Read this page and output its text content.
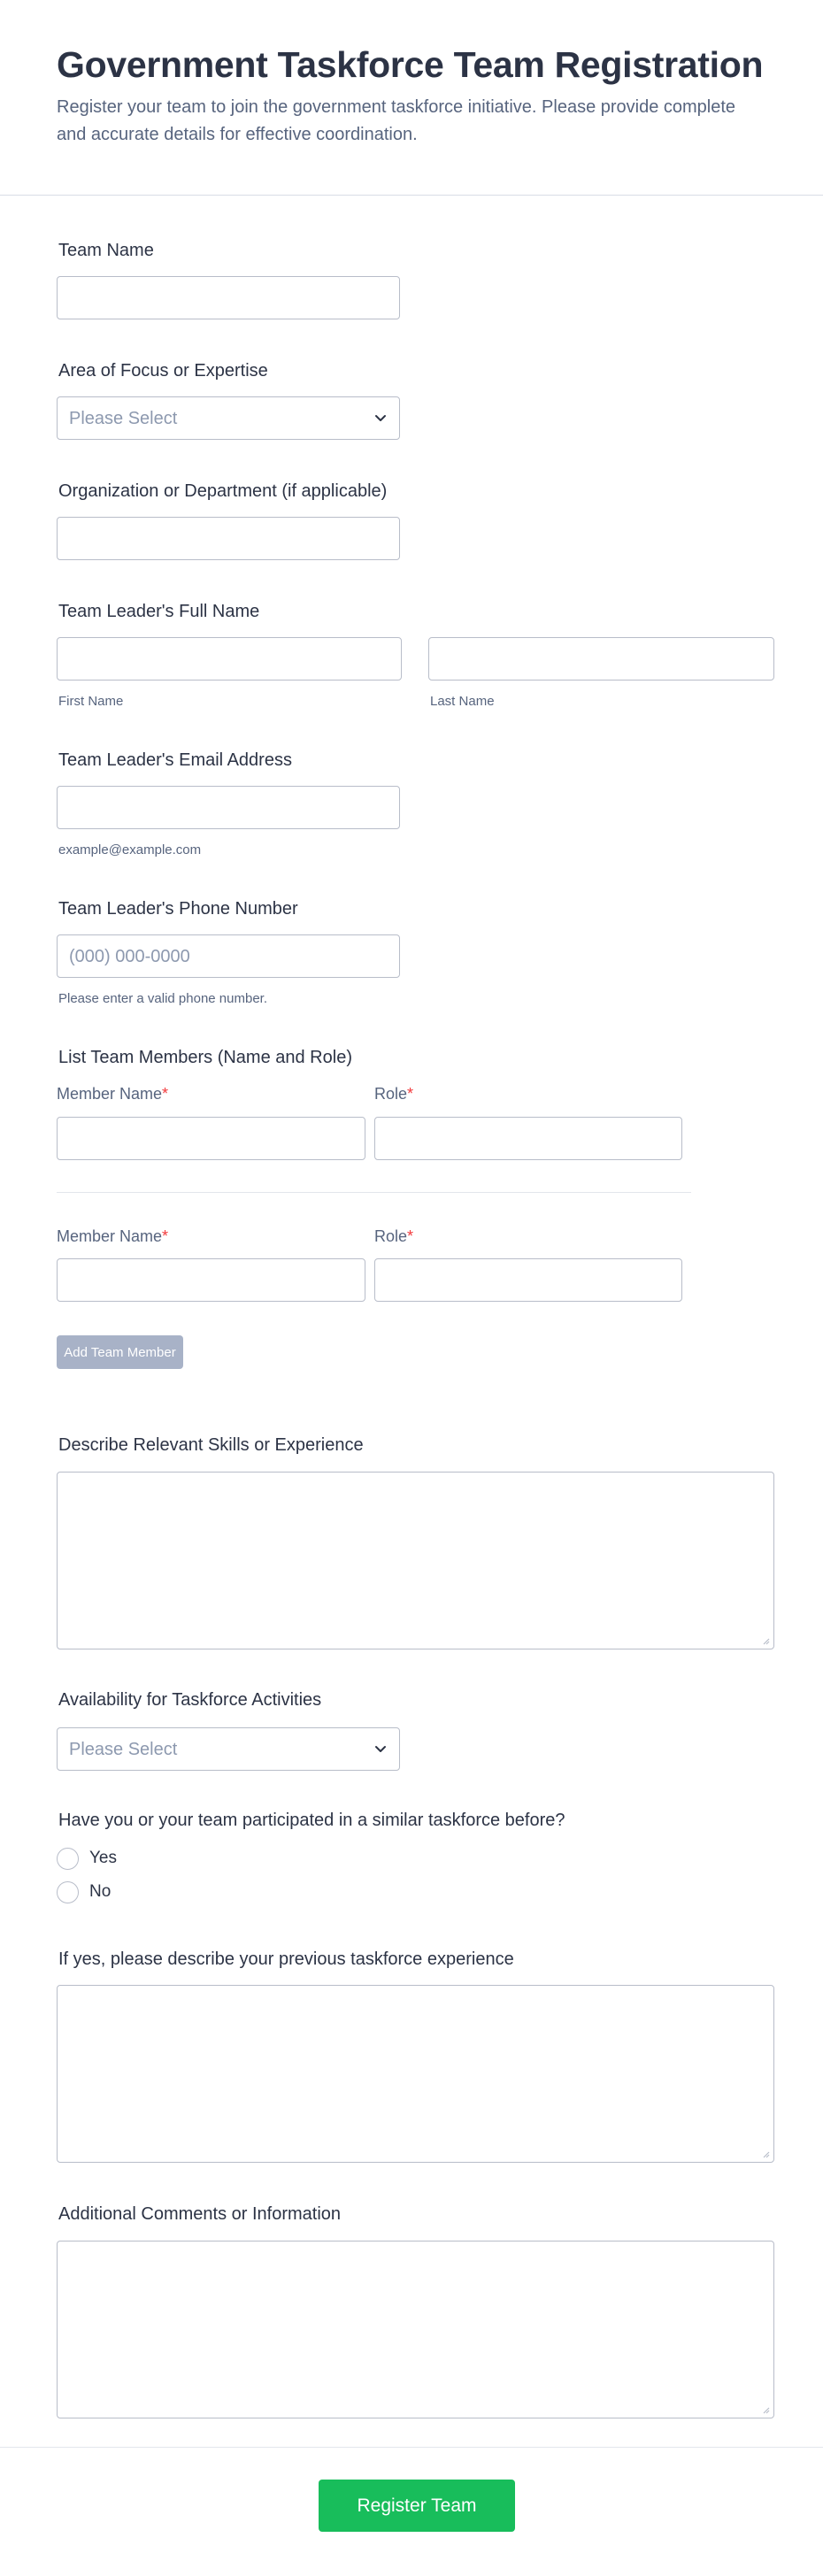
Government Taskforce Team Registration

Register your team to join the government taskforce initiative. Please provide complete and accurate details for effective coordination.

Team Name
Area of Focus or Expertise
Please Select
Organization or Department (if applicable)
Team Leader's Full Name
First Name	Last Name
Team Leader's Email Address
example@example.com
Team Leader's Phone Number
(000) 000-0000
Please enter a valid phone number.
List Team Members (Name and Role)
Member Name*	Role*
Member Name*	Role*
Add Team Member
Describe Relevant Skills or Experience
Availability for Taskforce Activities
Please Select
Have you or your team participated in a similar taskforce before?
Yes
No
If yes, please describe your previous taskforce experience
Additional Comments or Information
Register Team
